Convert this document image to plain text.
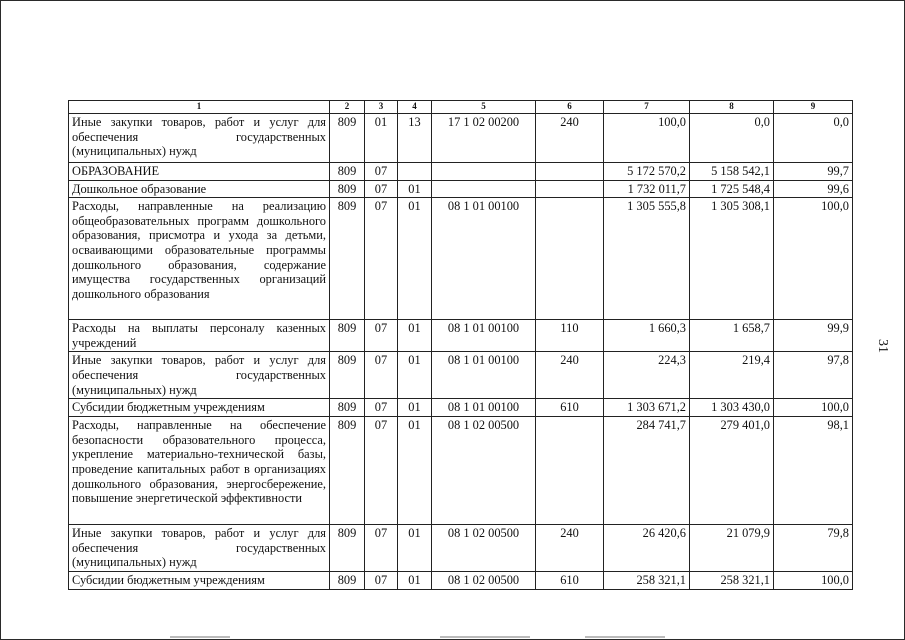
1	2	3	4	5	6	7	8	9
Иные закупки товаров, работ и услуг для обеспечения государственных (муниципальных) нужд	809	01	13	17 1 02 00200	240	100,0	0,0	0,0
ОБРАЗОВАНИЕ	809	07				5 172 570,2	5 158 542,1	99,7
Дошкольное образование	809	07	01			1 732 011,7	1 725 548,4	99,6
Расходы, направленные на реализацию общеобразовательных программ дошкольного образования, присмотра и ухода за детьми, осваивающими образовательные программы дошкольного образования, содержание имущества государственных организаций дошкольного образования	809	07	01	08 1 01 00100		1 305 555,8	1 305 308,1	100,0
Расходы на выплаты персоналу казенных учреждений	809	07	01	08 1 01 00100	110	1 660,3	1 658,7	99,9
Иные закупки товаров, работ и услуг для обеспечения государственных (муниципальных) нужд	809	07	01	08 1 01 00100	240	224,3	219,4	97,8
Субсидии бюджетным учреждениям	809	07	01	08 1 01 00100	610	1 303 671,2	1 303 430,0	100,0
Расходы, направленные на обеспечение безопасности образовательного процесса, укрепление материально-технической базы, проведение капитальных работ в организациях дошкольного образования, энергосбережение, повышение энергетической эффективности	809	07	01	08 1 02 00500		284 741,7	279 401,0	98,1
Иные закупки товаров, работ и услуг для обеспечения государственных (муниципальных) нужд	809	07	01	08 1 02 00500	240	26 420,6	21 079,9	79,8
Субсидии бюджетным учреждениям	809	07	01	08 1 02 00500	610	258 321,1	258 321,1	100,0
31
